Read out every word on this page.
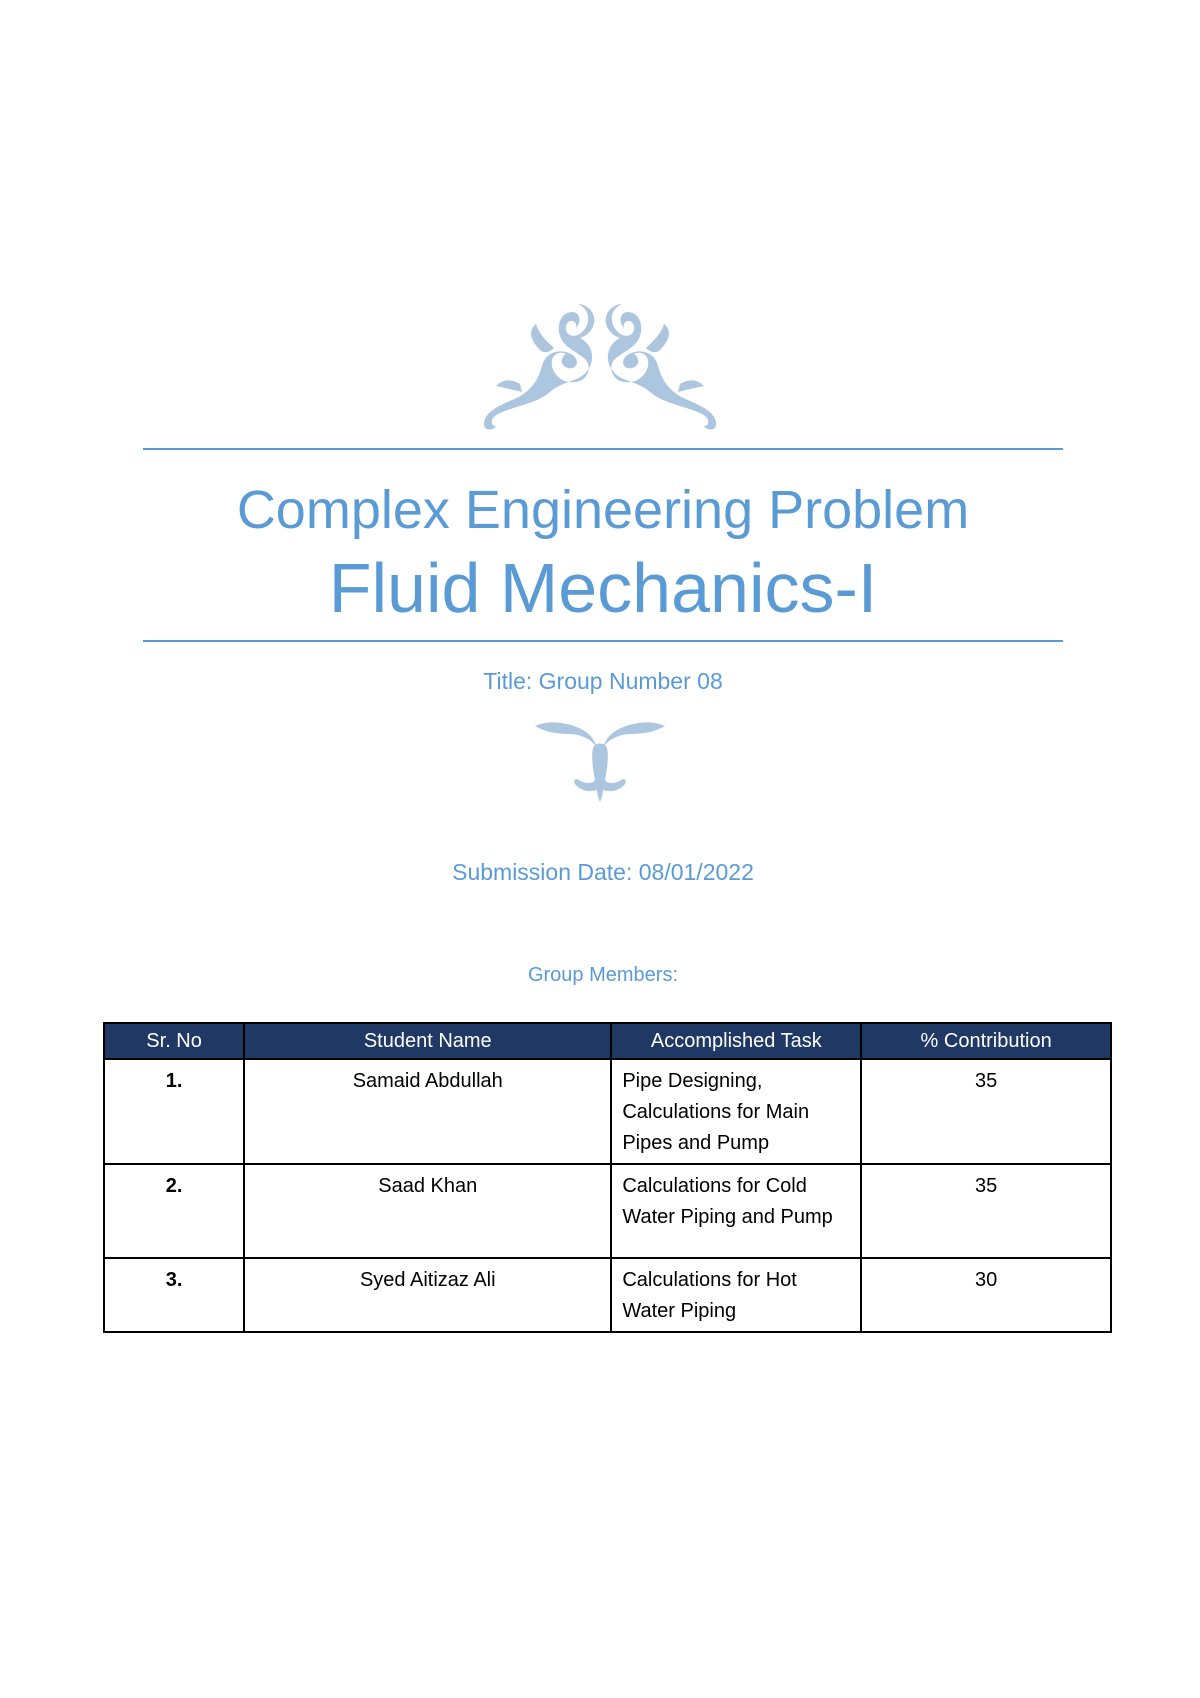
Complex Engineering Problem
Fluid Mechanics-I
Title: Group Number 08
Submission Date: 08/01/2022
Group Members:
Sr. No	Student Name	Accomplished Task	% Contribution
1.	Samaid Abdullah	Pipe Designing, Calculations for Main Pipes and Pump	35
2.	Saad Khan	Calculations for Cold Water Piping and Pump	35
3.	Syed Aitizaz Ali	Calculations for Hot Water Piping	30
